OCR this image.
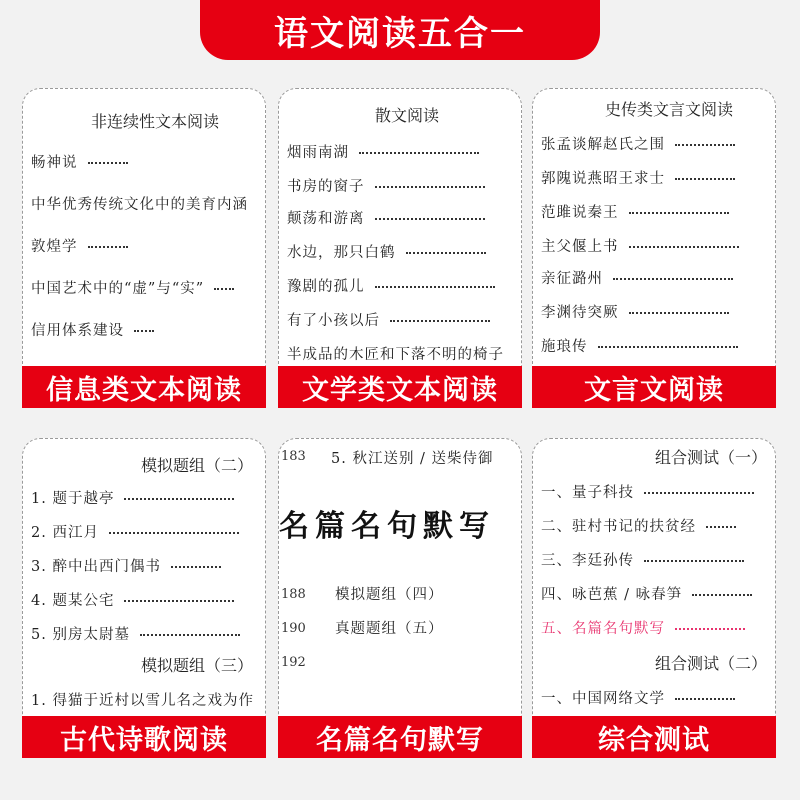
语文阅读五合一
非连续性文本阅读
畅神说
中华优秀传统文化中的美育内涵
敦煌学
中国艺术中的“虚”与“实”
信用体系建设
信息类文本阅读
散文阅读
烟雨南湖
书房的窗子
颠荡和游离
水边，那只白鹤
豫剧的孤儿
有了小孩以后
半成品的木匠和下落不明的椅子
文学类文本阅读
史传类文言文阅读
张孟谈解赵氏之围
郭隗说燕昭王求士
范雎说秦王
主父偃上书
亲征潞州
李渊待突厥
施琅传
文言文阅读
模拟题组（二）
1. 题于越亭
2. 西江月
3. 醉中出西门偶书
4. 题某公宅
5. 别房太尉墓
模拟题组（三）
1. 得猫于近村以雪儿名之戏为作
古代诗歌阅读
183 5. 秋江送别 / 送柴侍御
名篇名句默写
188 模拟题组（四）
190 真题题组（五）
192
名篇名句默写
组合测试（一）
一、量子科技
二、驻村书记的扶贫经
三、李廷孙传
四、咏芭蕉 / 咏春笋
五、名篇名句默写
组合测试（二）
一、中国网络文学
综合测试
